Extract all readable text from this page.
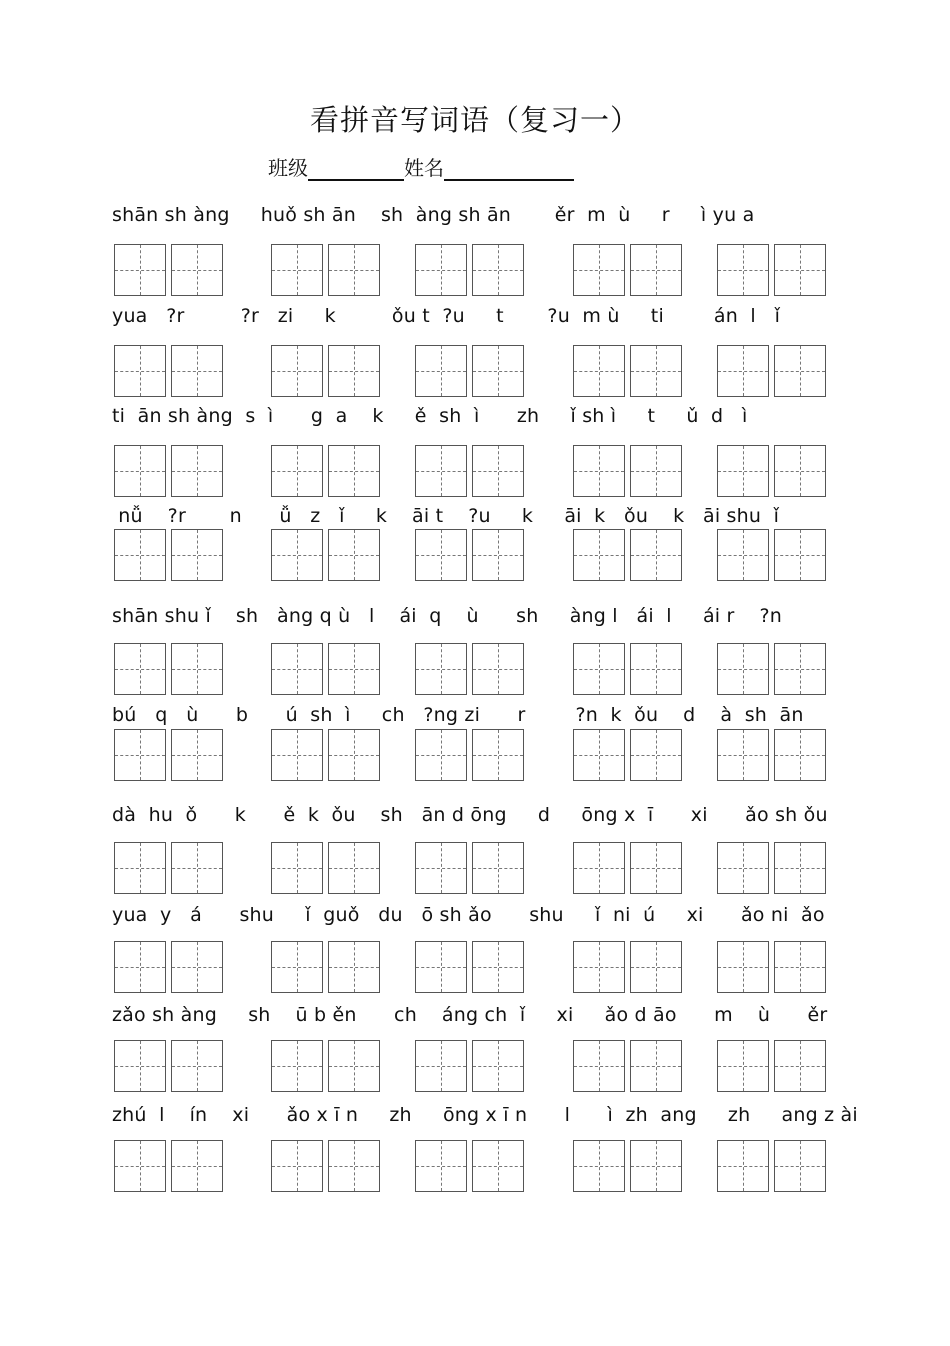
看拼音写词语（复习一）
班级	姓名
shān sh àng     huǒ sh ān    sh  àng sh ān       ěr  m  ù     r     ì yu a
yua   ?r         ?r   zi     k         ǒu t  ?u     t       ?u  m ù     ti        án  l   ǐ
ti  ān sh àng  s  ì      g  a    k     ě  sh  ì      zh     ǐ sh ì     t     ǔ  d   ì
nǚ    ?r       n      ǚ   z   ǐ     k    āi t    ?u     k     āi  k   ǒu    k   āi shu  ǐ
shān shu ǐ    sh   àng q ù   l    ái  q    ù      sh     àng l   ái  l     ái r    ?n
bú   q   ù      b      ú  sh  ì     ch   ?ng zi      r        ?n  k  ǒu    d    à  sh  ān
dà  hu  ǒ      k      ě  k  ǒu    sh   ān d ōng     d     ōng x  ī      xi      ǎo sh ǒu
yua  y   á      shu     ǐ  guǒ   du   ō sh ǎo      shu     ǐ  ni  ú     xi      ǎo ni  ǎo
zǎo sh àng     sh    ū b ěn      ch    áng ch  ǐ     xi     ǎo d āo      m    ù      ěr
zhú  l    ín    xi      ǎo x ī n     zh     ōng x ī n      l      ì  zh  ang     zh     ang z ài
